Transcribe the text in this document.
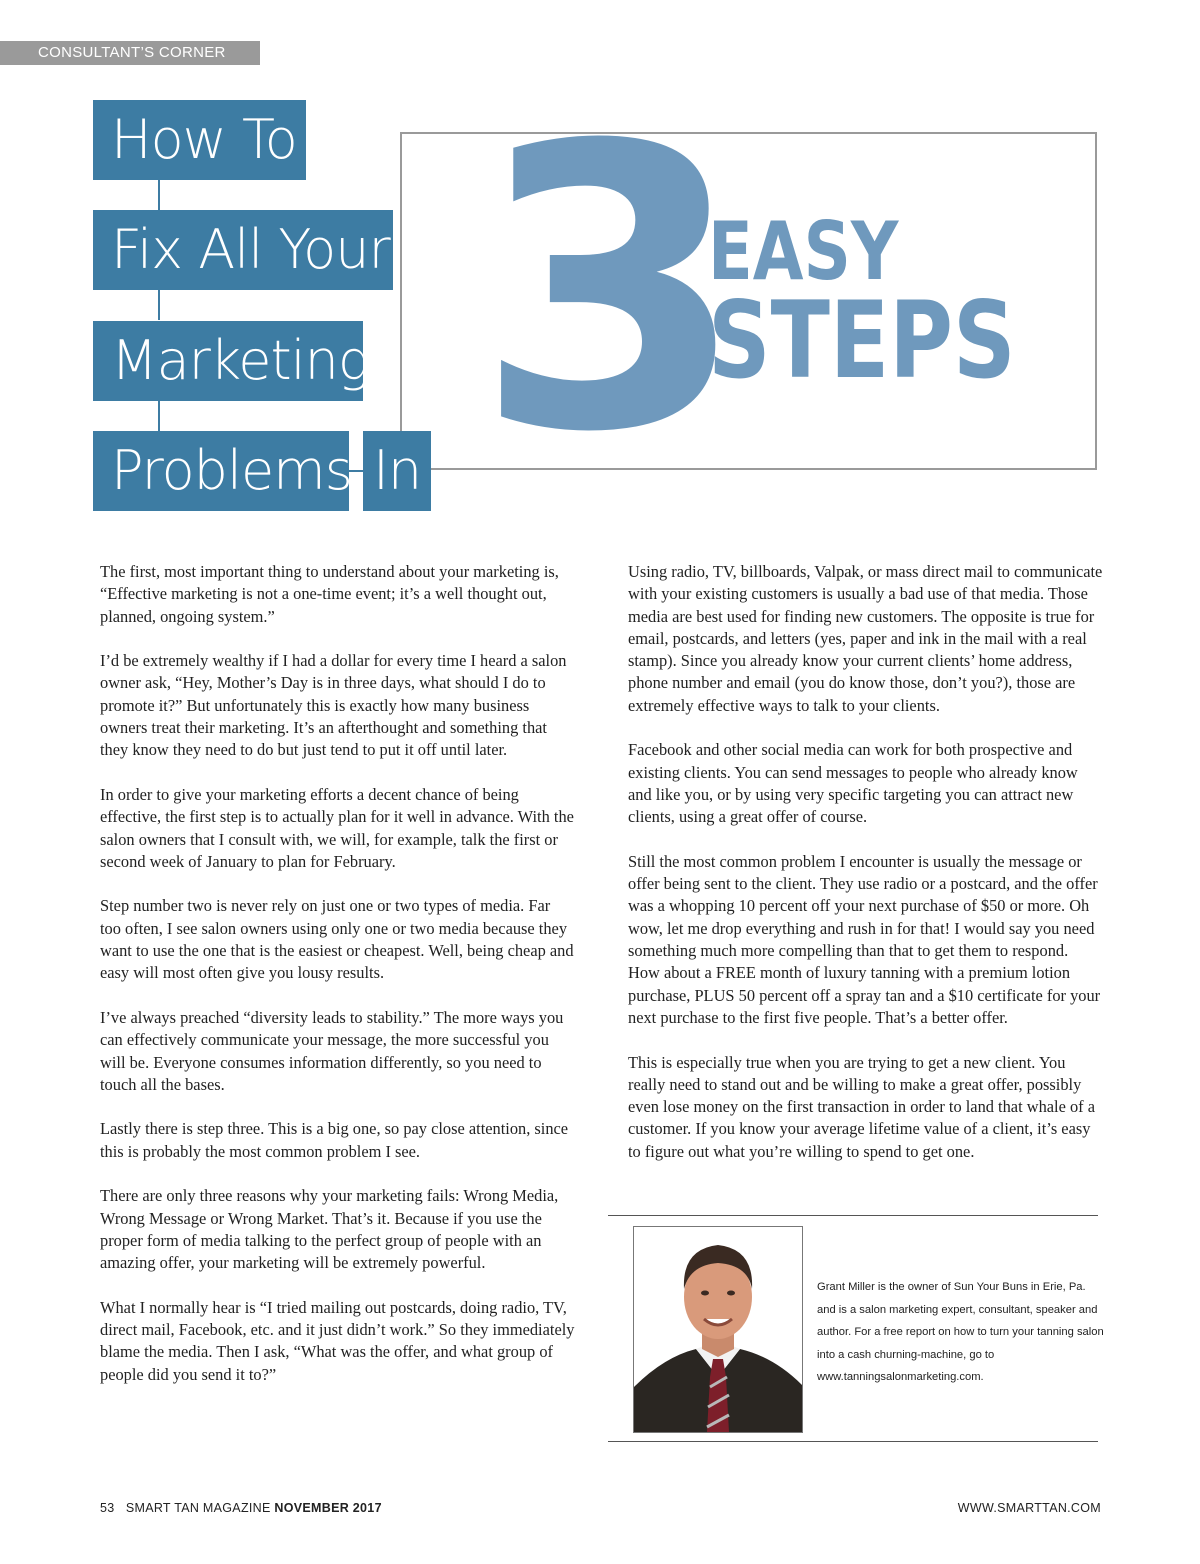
CONSULTANT’S CORNER
How To
Fix All Your
Marketing
Problems In 3
EASY
STEPS

The first, most important thing to understand about your marketing is, “Effective marketing is not a one-time event; it’s a well thought out, planned, ongoing system.”

I’d be extremely wealthy if I had a dollar for every time I heard a salon owner ask, “Hey, Mother’s Day is in three days, what should I do to promote it?” But unfortunately this is exactly how many business owners treat their marketing. It’s an afterthought and something that they know they need to do but just tend to put it off until later.

In order to give your marketing efforts a decent chance of being effective, the first step is to actually plan for it well in advance. With the salon owners that I consult with, we will, for example, talk the first or second week of January to plan for February.

Step number two is never rely on just one or two types of media. Far too often, I see salon owners using only one or two media because they want to use the one that is the easiest or cheapest. Well, being cheap and easy will most often give you lousy results.

I’ve always preached “diversity leads to stability.” The more ways you can effectively communicate your message, the more successful you will be. Everyone consumes information differently, so you need to touch all the bases.

Lastly there is step three. This is a big one, so pay close attention, since this is probably the most common problem I see.

There are only three reasons why your marketing fails: Wrong Media, Wrong Message or Wrong Market. That’s it. Because if you use the proper form of media talking to the perfect group of people with an amazing offer, your marketing will be extremely powerful.

What I normally hear is “I tried mailing out postcards, doing radio, TV, direct mail, Facebook, etc. and it just didn’t work.” So they immediately blame the media. Then I ask, “What was the offer, and what group of people did you send it to?”

Using radio, TV, billboards, Valpak, or mass direct mail to communicate with your existing customers is usually a bad use of that media. Those media are best used for finding new customers. The opposite is true for email, postcards, and letters (yes, paper and ink in the mail with a real stamp). Since you already know your current clients’ home address, phone number and email (you do know those, don’t you?), those are extremely effective ways to talk to your clients.

Facebook and other social media can work for both prospective and existing clients. You can send messages to people who already know and like you, or by using very specific targeting you can attract new clients, using a great offer of course.

Still the most common problem I encounter is usually the message or offer being sent to the client. They use radio or a postcard, and the offer was a whopping 10 percent off your next purchase of $50 or more. Oh wow, let me drop everything and rush in for that! I would say you need something much more compelling than that to get them to respond. How about a FREE month of luxury tanning with a premium lotion purchase, PLUS 50 percent off a spray tan and a $10 certificate for your next purchase to the first five people. That’s a better offer.

This is especially true when you are trying to get a new client. You really need to stand out and be willing to make a great offer, possibly even lose money on the first transaction in order to land that whale of a customer. If you know your average lifetime value of a client, it’s easy to figure out what you’re willing to spend to get one.

Grant Miller is the owner of Sun Your Buns in Erie, Pa.
and is a salon marketing expert, consultant, speaker and
author. For a free report on how to turn your tanning salon
into a cash churning-machine, go to
www.tanningsalonmarketing.com.
53 SMART TAN MAGAZINE NOVEMBER 2017	WWW.SMARTTAN.COM
